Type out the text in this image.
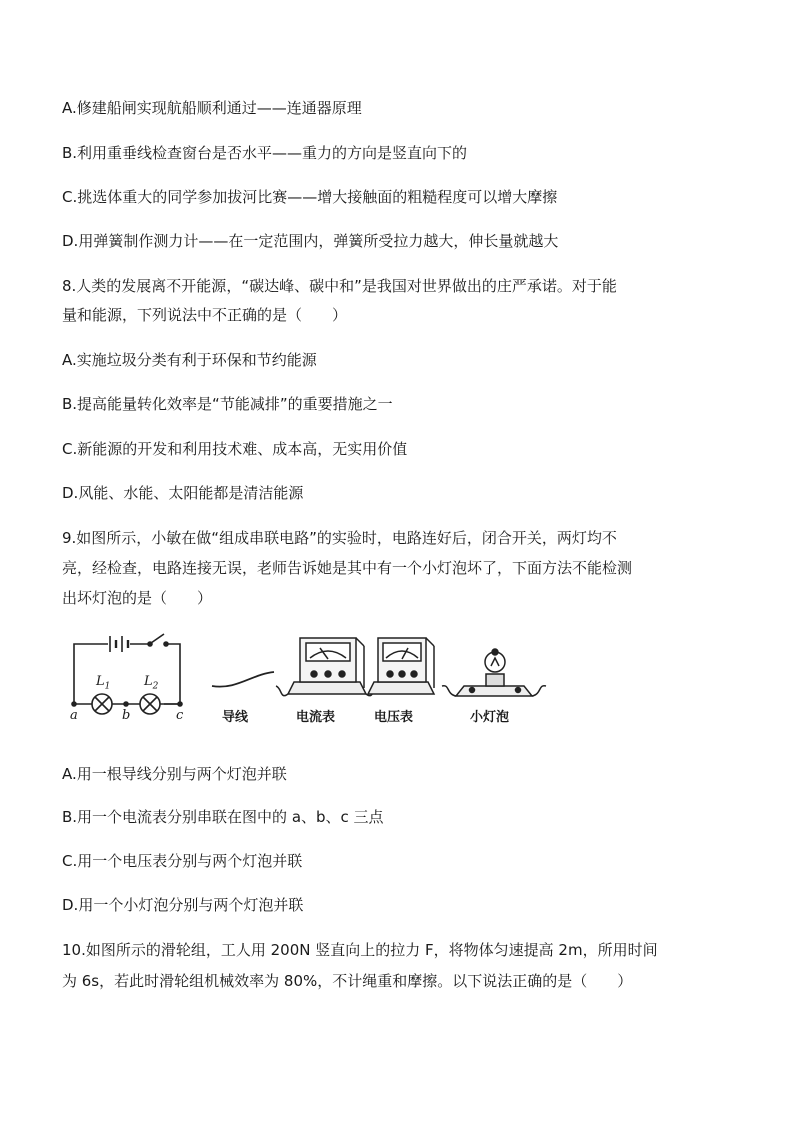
A.修建船闸实现航船顺利通过——连通器原理
B.利用重垂线检查窗台是否水平——重力的方向是竖直向下的
C.挑选体重大的同学参加拔河比赛——增大接触面的粗糙程度可以增大摩擦
D.用弹簧制作测力计——在一定范围内，弹簧所受拉力越大，伸长量就越大
8.人类的发展离不开能源，“碳达峰、碳中和”是我国对世界做出的庄严承诺。对于能
量和能源，下列说法中不正确的是（　　）
A.实施垃圾分类有利于环保和节约能源
B.提高能量转化效率是“节能减排”的重要措施之一
C.新能源的开发和利用技术难、成本高，无实用价值
D.风能、水能、太阳能都是清洁能源
9.如图所示，小敏在做“组成串联电路”的实验时，电路连好后，闭合开关，两灯均不
亮，经检查，电路连接无误，老师告诉她是其中有一个小灯泡坏了，下面方法不能检测
出坏灯泡的是（　　）
A.用一根导线分别与两个灯泡并联
B.用一个电流表分别串联在图中的 a、b、c 三点
C.用一个电压表分别与两个灯泡并联
D.用一个小灯泡分别与两个灯泡并联
10.如图所示的滑轮组，工人用 200N 竖直向上的拉力 F，将物体匀速提高 2m，所用时间
为 6s，若此时滑轮组机械效率为 80%，不计绳重和摩擦。以下说法正确的是（　　）
$L_1$	$L_2$
a	b	c	导线	电流表	电压表	小灯泡
